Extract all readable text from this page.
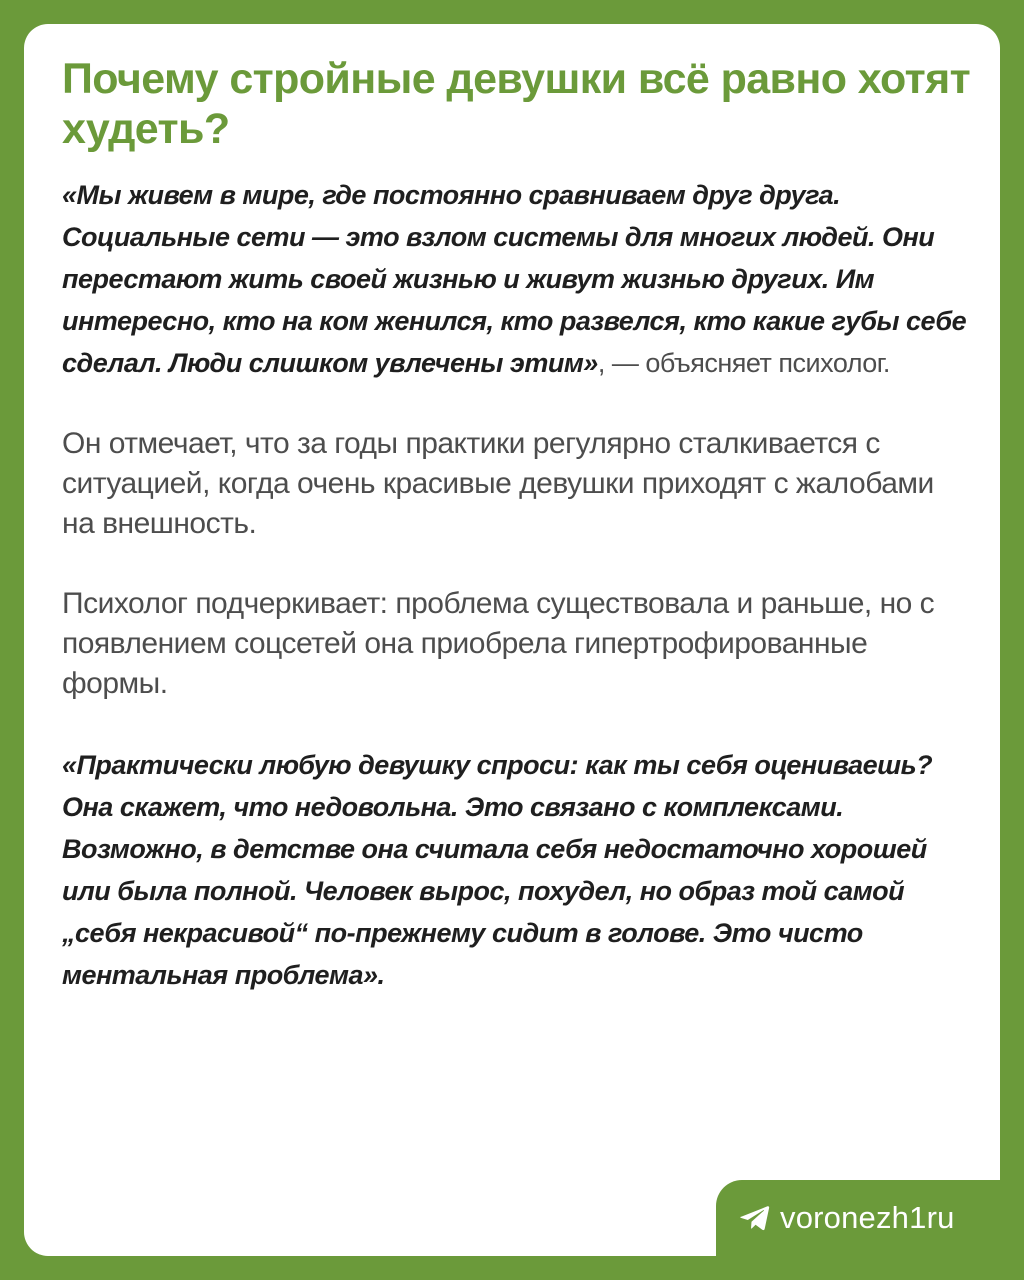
Почему стройные девушки всё равно хотят худеть?

«Мы живем в мире, где постоянно сравниваем друг друга. Социальные сети — это взлом системы для многих людей. Они перестают жить своей жизнью и живут жизнью других. Им интересно, кто на ком женился, кто развелся, кто какие губы себе сделал. Люди слишком увлечены этим», — объясняет психолог.

Он отмечает, что за годы практики регулярно сталкивается с ситуацией, когда очень красивые девушки приходят с жалобами на внешность.

Психолог подчеркивает: проблема существовала и раньше, но с появлением соцсетей она приобрела гипертрофированные формы.

«Практически любую девушку спроси: как ты себя оцениваешь? Она скажет, что недовольна. Это связано с комплексами. Возможно, в детстве она считала себя недостаточно хорошей или была полной. Человек вырос, похудел, но образ той самой „себя некрасивой“ по-прежнему сидит в голове. Это чисто ментальная проблема».

voronezh1ru
